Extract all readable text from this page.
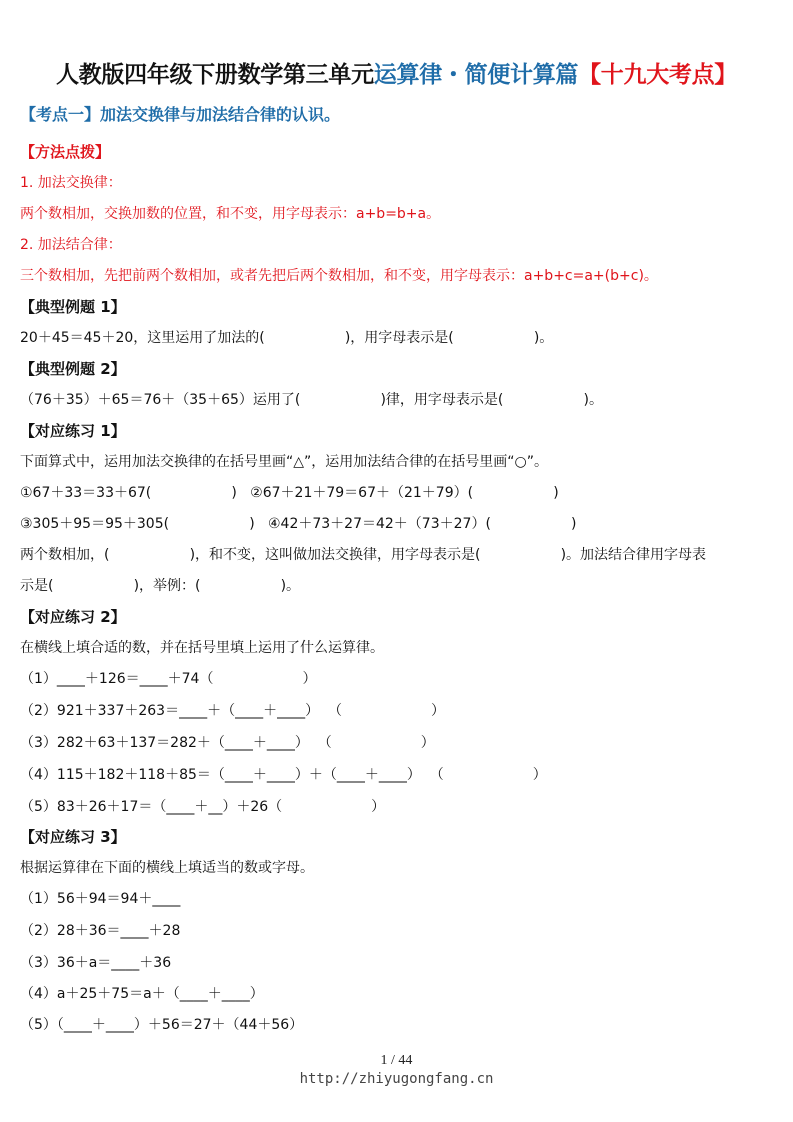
人教版四年级下册数学第三单元运算律・简便计算篇【十九大考点】
【考点一】加法交换律与加法结合律的认识。
【方法点拨】
1. 加法交换律：
两个数相加，交换加数的位置，和不变，用字母表示：a+b=b+a。
2. 加法结合律：
三个数相加，先把前两个数相加，或者先把后两个数相加，和不变，用字母表示：a+b+c=a+(b+c)。
【典型例题 1】
20＋45＝45＋20，这里运用了加法的(                  )，用字母表示是(                  )。
【典型例题 2】
（76＋35）＋65＝76＋（35＋65）运用了(                  )律，用字母表示是(                  )。
【对应练习 1】
下面算式中，运用加法交换律的在括号里画“△”，运用加法结合律的在括号里画“○”。
①67＋33＝33＋67(                  )   ②67＋21＋79＝67＋（21＋79）(                  )
③305＋95＝95＋305(                  )   ④42＋73＋27＝42＋（73＋27）(                  )
两个数相加，(                  )，和不变，这叫做加法交换律，用字母表示是(                  )。加法结合律用字母表
示是(                  )，举例：(                  )。
【对应练习 2】
在横线上填合适的数，并在括号里填上运用了什么运算律。
（1）____＋126＝____＋74（                    ）
（2）921＋337＋263＝____＋（____＋____）  （                    ）
（3）282＋63＋137＝282＋（____＋____）  （                    ）
（4）115＋182＋118＋85＝（____＋____）＋（____＋____）  （                    ）
（5）83＋26＋17＝（____＋__）＋26（                    ）
【对应练习 3】
根据运算律在下面的横线上填适当的数或字母。
（1）56＋94＝94＋____
（2）28＋36＝____＋28
（3）36＋a＝____＋36
（4）a＋25＋75＝a＋（____＋____）
（5）（____＋____）＋56＝27＋（44＋56）
1 / 44
http://zhiyugongfang.cn
